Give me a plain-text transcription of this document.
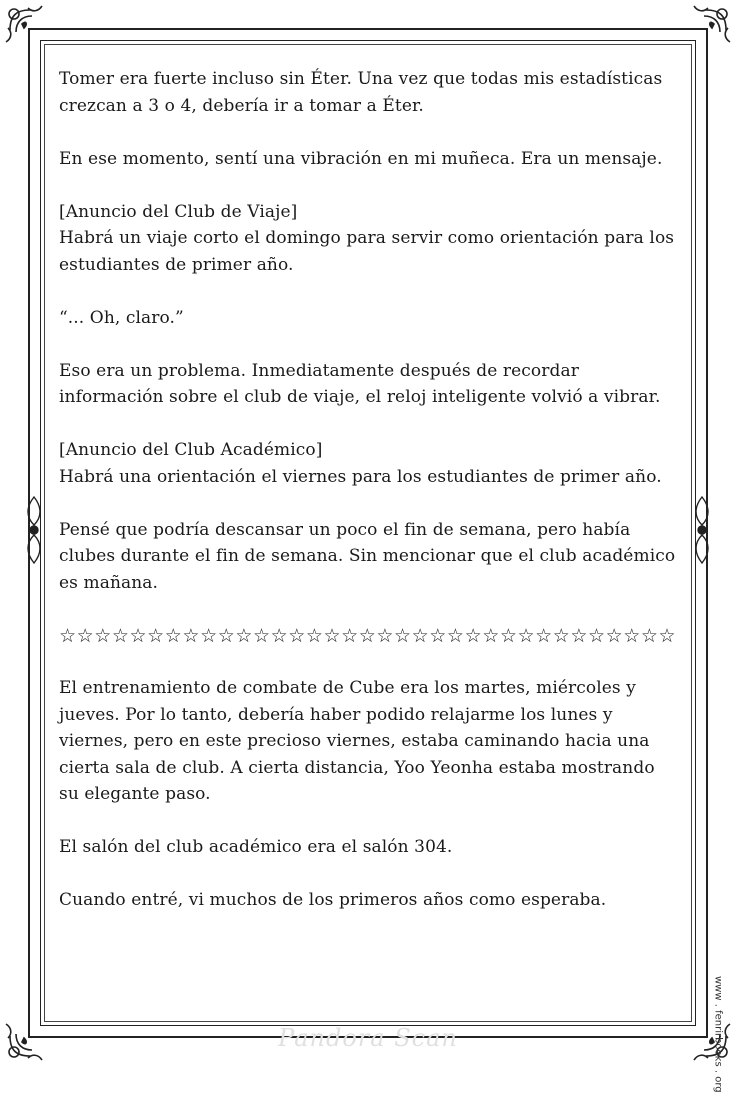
Tomer era fuerte incluso sin Éter. Una vez que todas mis estadísticas crezcan a 3 o 4, debería ir a tomar a Éter.

En ese momento, sentí una vibración en mi muñeca. Era un mensaje.

[Anuncio del Club de Viaje]

Habrá un viaje corto el domingo para servir como orientación para los estudiantes de primer año.

“... Oh, claro.”

Eso era un problema. Inmediatamente después de recordar información sobre el club de viaje, el reloj inteligente volvió a vibrar.

[Anuncio del Club Académico]

Habrá una orientación el viernes para los estudiantes de primer año.

Pensé que podría descansar un poco el fin de semana, pero había clubes durante el fin de semana. Sin mencionar que el club académico es mañana.

☆☆☆☆☆☆☆☆☆☆☆☆☆☆☆☆☆☆☆☆☆☆☆☆☆☆☆☆☆☆☆☆☆☆☆

El entrenamiento de combate de Cube era los martes, miércoles y jueves. Por lo tanto, debería haber podido relajarme los lunes y viernes, pero en este precioso viernes, estaba caminando hacia una cierta sala de club. A cierta distancia, Yoo Yeonha estaba mostrando su elegante paso.

El salón del club académico era el salón 304.

Cuando entré, vi muchos de los primeros años como esperaba.

Pandora Scan	www . fenrirbooks . org
